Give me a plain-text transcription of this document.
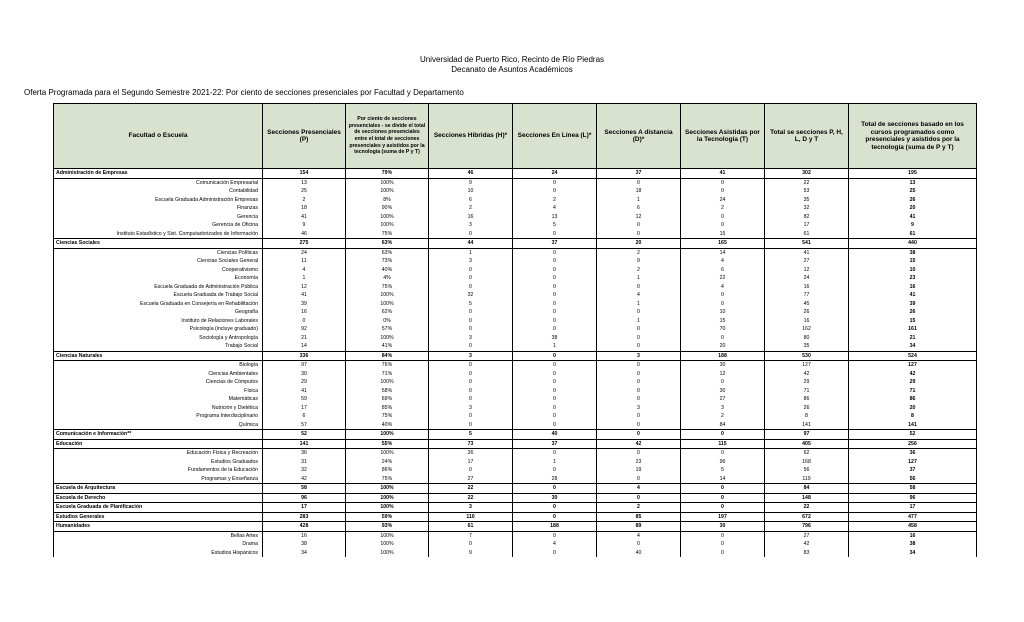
Universidad de Puerto Rico, Recinto de Río Piedras
Decanato de Asuntos Académicos
Oferta Programada para el Segundo Semestre 2021-22: Por ciento de secciones presenciales por Facultad y Departamento
Facultad o Escuela	Secciones Presenciales (P)	Por ciento de secciones presenciales - se divide el total de secciones presenciales entre el total de secciones presenciales y asistidos por la tecnología (suma de P y T)	Secciones Híbridas (H)*	Secciones En Línea (L)*	Secciones A distancia (D)*	Secciones Asistidas por la Tecnología (T)	Total se secciones P, H, L, D y T	Total de secciones basado en los cursos programados como presenciales y asistidos por la tecnología (suma de P y T)
Administración de Empresas	154	79%	46	24	37	41	302	195
Comunicación Empresarial	13	100%	9	0	0	0	22	13
Contabilidad	25	100%	10	0	18	0	53	25
Escuela Graduada Administración Empresas	2	8%	6	2	1	24	35	26
Finanzas	18	90%	2	4	6	2	32	20
Gerencia	41	100%	16	13	12	0	82	41
Gerencia de Oficina	9	100%	3	5	0	0	17	9
Instituto Estadístico y Sist. Computadorizados de Información	46	75%	0	0	0	15	61	61
Ciencias Sociales	275	63%	44	37	20	165	541	440
Ciencias Políticas	24	63%	1	0	2	14	41	38
Ciencias Sociales General	11	73%	3	0	9	4	27	15
Cooperativismo	4	40%	0	0	2	6	12	10
Economía	1	4%	0	0	1	22	24	23
Escuela Graduada de Administración Pública	12	75%	0	0	0	4	16	16
Escuela Graduada de Trabajo Social	41	100%	32	0	4	0	77	41
Escuela Graduada en Consejería en Rehabilitación	39	100%	5	0	1	0	45	39
Geografía	16	62%	0	0	0	10	26	26
Instituto de Relaciones Laborales	0	0%	0	0	1	15	16	15
Psicología (incluye graduado)	92	57%	0	0	0	70	162	161
Sociología y Antropología	21	100%	3	38	0	0	80	21
Trabajo Social	14	41%	0	1	0	20	35	34
Ciencias Naturales	336	84%	3	0	3	188	530	524
Biología	97	76%	0	0	0	30	127	127
Ciencias Ambientales	30	71%	0	0	0	12	42	42
Ciencias de Cómputos	29	100%	0	0	0	0	29	29
Física	41	58%	0	0	0	30	71	71
Matemáticas	59	69%	0	0	0	27	86	86
Nutrición y Dietética	17	85%	3	0	3	3	26	20
Programa Interdisciplinario	6	75%	0	0	0	2	8	8
Química	57	40%	0	0	0	84	141	141
Comunicación e Información**	52	100%	5	40	0	0	97	52
Educación	141	55%	73	37	42	115	405	256
Educación Física y Recreación	36	100%	26	0	0	0	62	36
Estudios Graduados	31	24%	17	1	23	96	168	127
Fundamentos de la Educación	32	86%	0	0	19	5	56	37
Programas y Enseñanza	42	75%	27	28	0	14	119	56
Escuela de Arquitectura	58	100%	22	0	4	0	84	58
Escuela de Derecho	96	100%	22	30	0	0	148	96
Escuela Graduada de Planificación	17	100%	3	0	2	0	22	17
Estudios Generales	283	59%	110	0	85	197	672	477
Humanidades	428	93%	61	188	89	30	796	458
Bellas Artes	16	100%	7	0	4	0	27	16
Drama	38	100%	0	4	0	0	42	38
Estudios Hispánicos	34	100%	9	0	40	0	83	34
